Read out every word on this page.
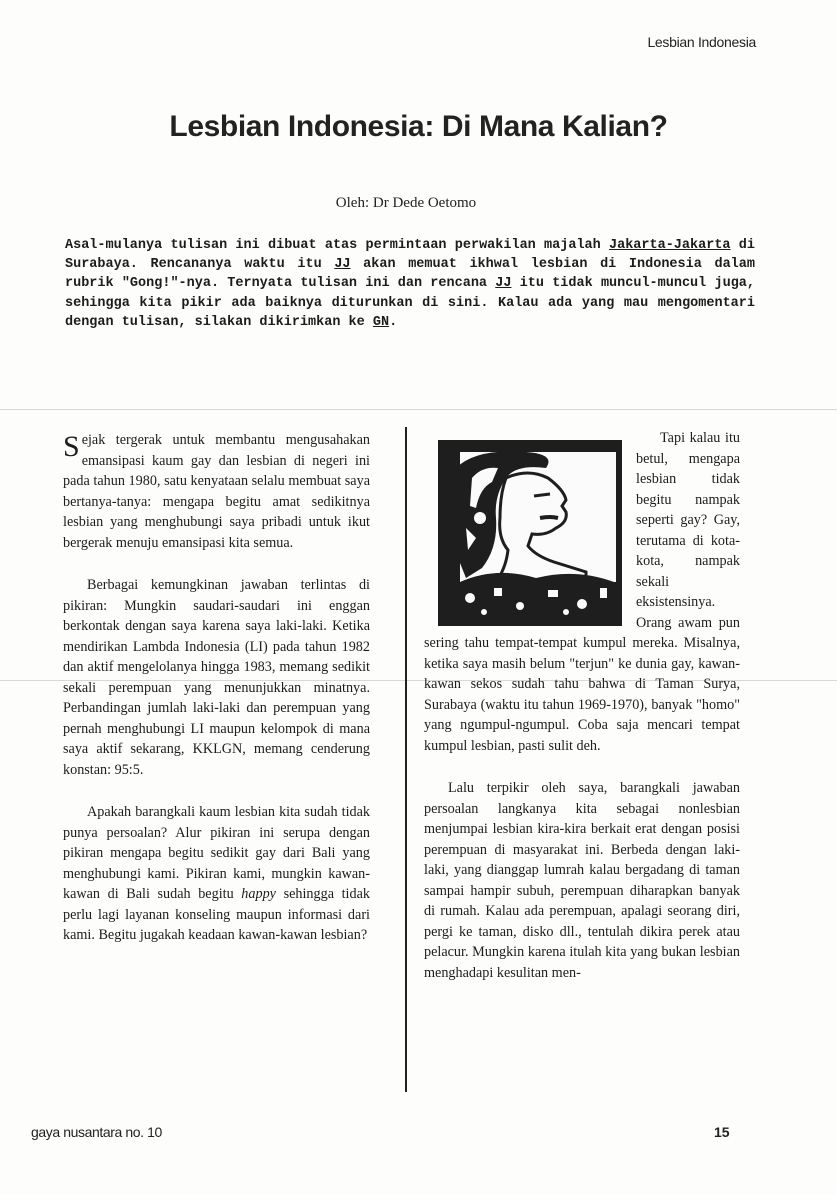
Lesbian Indonesia
Lesbian Indonesia: Di Mana Kalian?
Oleh: Dr Dede Oetomo
Asal-mulanya tulisan ini dibuat atas permintaan perwakilan majalah Jakarta-Jakarta di Surabaya. Rencananya waktu itu JJ akan memuat ikhwal lesbian di Indonesia dalam rubrik "Gong!"-nya. Ternyata tulisan ini dan rencana JJ itu tidak muncul-muncul juga, sehingga kita pikir ada baiknya diturunkan di sini. Kalau ada yang mau mengomentari dengan tulisan, silakan dikirimkan ke GN.

Sejak tergerak untuk membantu mengusahakan emansipasi kaum gay dan lesbian di negeri ini pada tahun 1980, satu kenyataan selalu membuat saya bertanya-tanya: mengapa begitu amat sedikitnya lesbian yang menghubungi saya pribadi untuk ikut bergerak menuju emansipasi kita semua.

Berbagai kemungkinan jawaban terlintas di pikiran: Mungkin saudari-saudari ini enggan berkontak dengan saya karena saya laki-laki. Ketika mendirikan Lambda Indonesia (LI) pada tahun 1982 dan aktif mengelolanya hingga 1983, memang sedikit sekali perempuan yang menunjukkan minatnya. Perbandingan jumlah laki-laki dan perempuan yang pernah menghubungi LI maupun kelompok di mana saya aktif sekarang, KKLGN, memang cenderung konstan: 95:5.

Apakah barangkali kaum lesbian kita sudah tidak punya persoalan? Alur pikiran ini serupa dengan pikiran mengapa begitu sedikit gay dari Bali yang menghubungi kami. Pikiran kami, mungkin kawan-kawan di Bali sudah begitu happy sehingga tidak perlu lagi layanan konseling maupun informasi dari kami. Begitu jugakah keadaan kawan-kawan lesbian?

Tapi kalau itu betul, mengapa lesbian tidak begitu nampak seperti gay? Gay, terutama di kota-kota, nampak sekali eksistensinya. Orang awam pun sering tahu tempat-tempat kumpul mereka. Misalnya, ketika saya masih belum "terjun" ke dunia gay, kawan-kawan sekos sudah tahu bahwa di Taman Surya, Surabaya (waktu itu tahun 1969-1970), banyak "homo" yang ngumpul-ngumpul. Coba saja mencari tempat kumpul lesbian, pasti sulit deh.

Lalu terpikir oleh saya, barangkali jawaban persoalan langkanya kita sebagai nonlesbian menjumpai lesbian kira-kira berkait erat dengan posisi perempuan di masyarakat ini. Berbeda dengan laki-laki, yang dianggap lumrah kalau bergadang di taman sampai hampir subuh, perempuan diharapkan banyak di rumah. Kalau ada perempuan, apalagi seorang diri, pergi ke taman, disko dll., tentulah dikira perek atau pelacur. Mungkin karena itulah kita yang bukan lesbian menghadapi kesulitan men-

gaya nusantara no. 10	15
